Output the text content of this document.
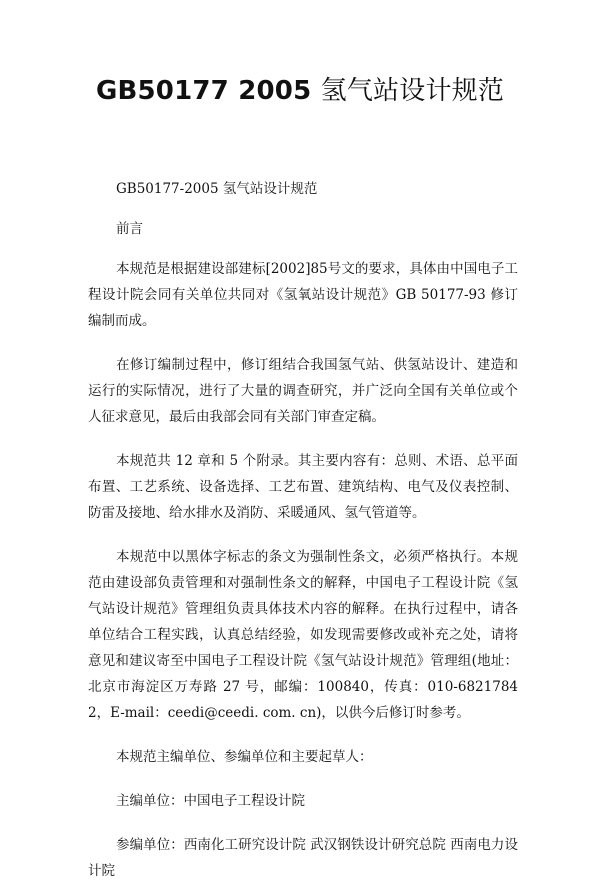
GB50177 2005 氢气站设计规范

GB50177-2005 氢气站设计规范

前言

本规范是根据建设部建标[2002]85号文的要求，具体由中国电子工程设计院会同有关单位共同对《氢氧站设计规范》GB 50177-93 修订编制而成。

在修订编制过程中，修订组结合我国氢气站、供氢站设计、建造和运行的实际情况，进行了大量的调查研究，并广泛向全国有关单位或个人征求意见，最后由我部会同有关部门审查定稿。

本规范共 12 章和 5 个附录。其主要内容有：总则、术语、总平面布置、工艺系统、设备选择、工艺布置、建筑结构、电气及仪表控制、防雷及接地、给水排水及消防、采暖通风、氢气管道等。

本规范中以黑体字标志的条文为强制性条文，必须严格执行。本规范由建设部负责管理和对强制性条文的解释，中国电子工程设计院《氢气站设计规范》管理组负责具体技术内容的解释。在执行过程中，请各单位结合工程实践，认真总结经验，如发现需要修改或补充之处，请将意见和建议寄至中国电子工程设计院《氢气站设计规范》管理组(地址：北京市海淀区万寿路 27 号，邮编：100840，传真：010-68217842，E-mail：ceedi@ceedi. com. cn)，以供今后修订时参考。

本规范主编单位、参编单位和主要起草人：

主编单位：中国电子工程设计院

参编单位：西南化工研究设计院 武汉钢铁设计研究总院 西南电力设计院
